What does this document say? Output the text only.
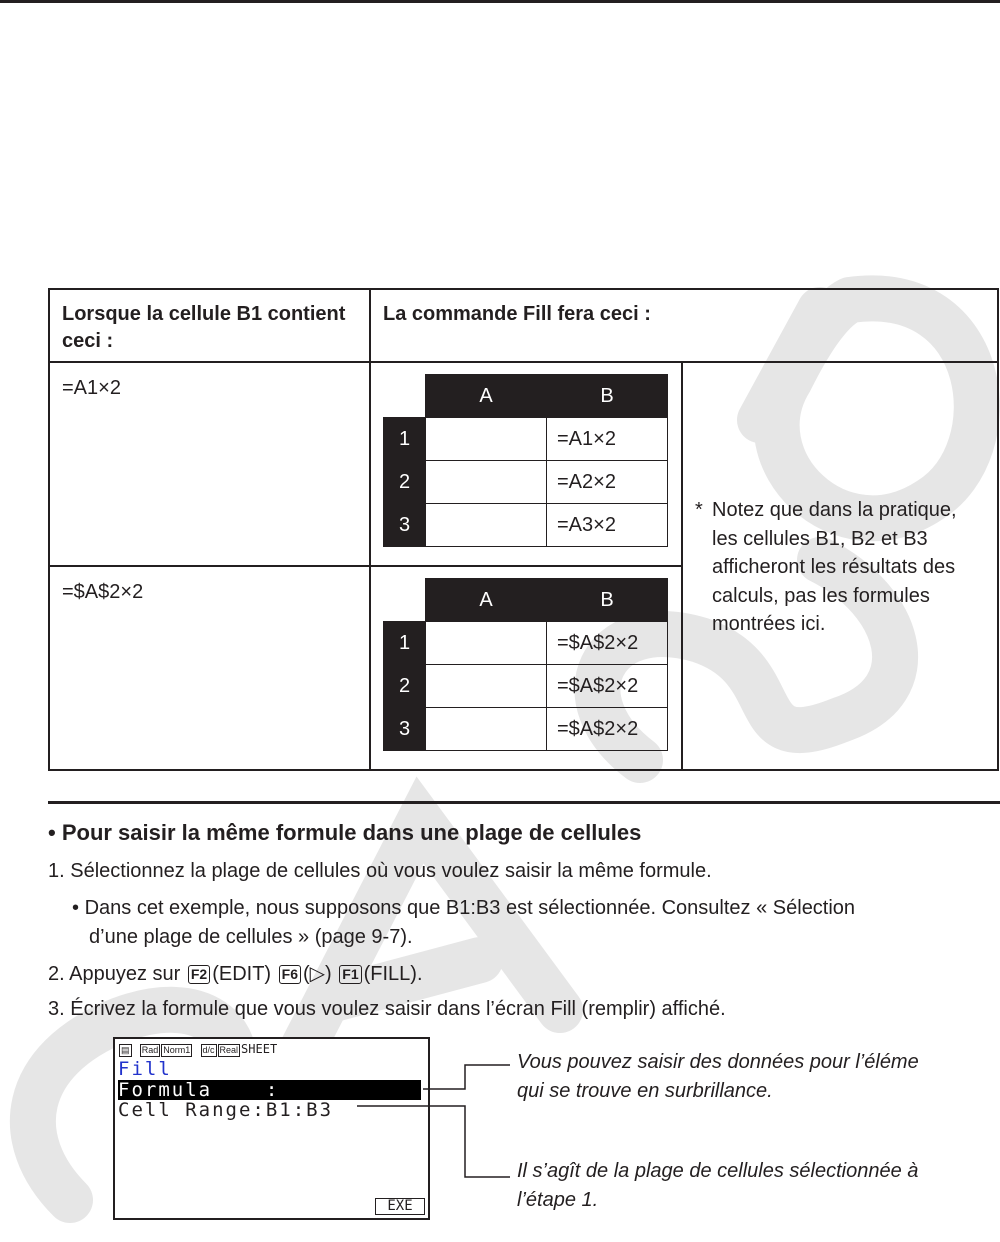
Lorsque la cellule B1 contient ceci :	La commande Fill fera ceci :
=A1×2	
		A	B
1		=A1×2
2		=A2×2
3		=A3×2

* Notez que dans la pratique, les cellules B1, B2 et B3 afficheront les résultats des calculs, pas les formules montrées ici.

=$A$2×2	
		A	B
1		=$A$2×2
2		=$A$2×2
3		=$A$2×2
• Pour saisir la même formule dans une plage de cellules
1. Sélectionnez la plage de cellules où vous voulez saisir la même formule.
• Dans cet exemple, nous supposons que B1:B3 est sélectionnée. Consultez « Sélection
d’une plage de cellules » (page 9-7).
2. Appuyez sur F2 (EDIT) F6 (▷) F1 (FILL).
3. Écrivez la formule que vous voulez saisir dans l’écran Fill (remplir) affiché.
▤ Rad Norm1 d/c Real SHEET
Fill
Formula    :
Cell Range:B1:B3
EXE
Vous pouvez saisir des données pour l’éléme
qui se trouve en surbrillance.
Il s’agît de la plage de cellules sélectionnée à
l’étape 1.
